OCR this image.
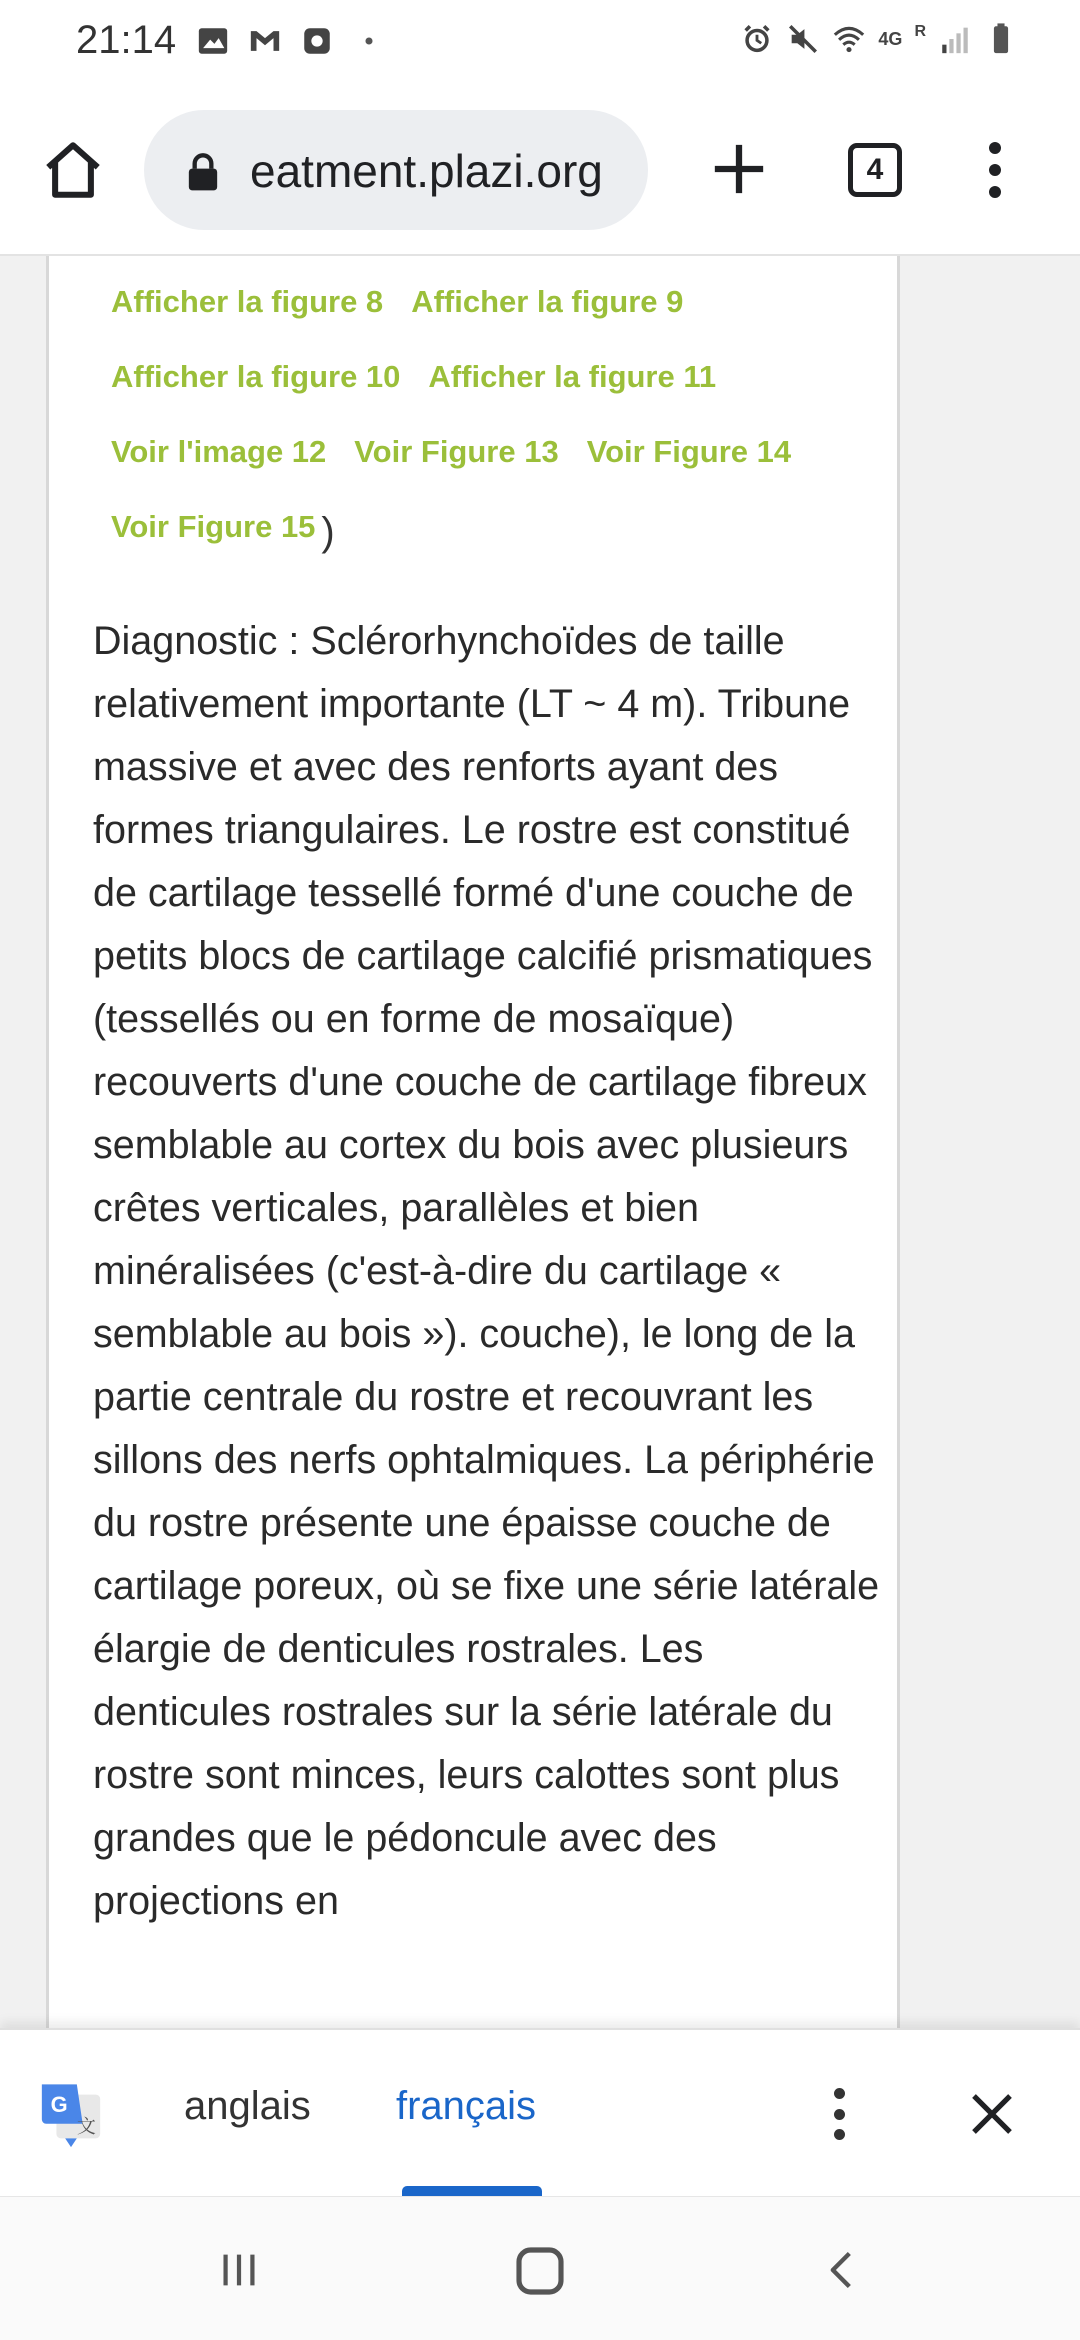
21:14	4G R
eatment.plazi.org	4
Afficher la figure 8 Afficher la figure 9
Afficher la figure 10 Afficher la figure 11
Voir l'image 12 Voir Figure 13 Voir Figure 14
Voir Figure 15 )

Diagnostic : Sclérorhynchoïdes de taille relativement importante (LT ~ 4 m). Tribune massive et avec des renforts ayant des formes triangulaires. Le rostre est constitué de cartilage tessellé formé d'une couche de petits blocs de cartilage calcifié prismatiques (tessellés ou en forme de mosaïque) recouverts d'une couche de cartilage fibreux semblable au cortex du bois avec plusieurs crêtes verticales, parallèles et bien minéralisées (c'est-à-dire du cartilage « semblable au bois »). couche), le long de la partie centrale du rostre et recouvrant les sillons des nerfs ophtalmiques. La périphérie du rostre présente une épaisse couche de cartilage poreux, où se fixe une série latérale élargie de denticules rostrales. Les denticules rostrales sur la série latérale du rostre sont minces, leurs calottes sont plus grandes que le pédoncule avec des projections en

G
文 anglais français
